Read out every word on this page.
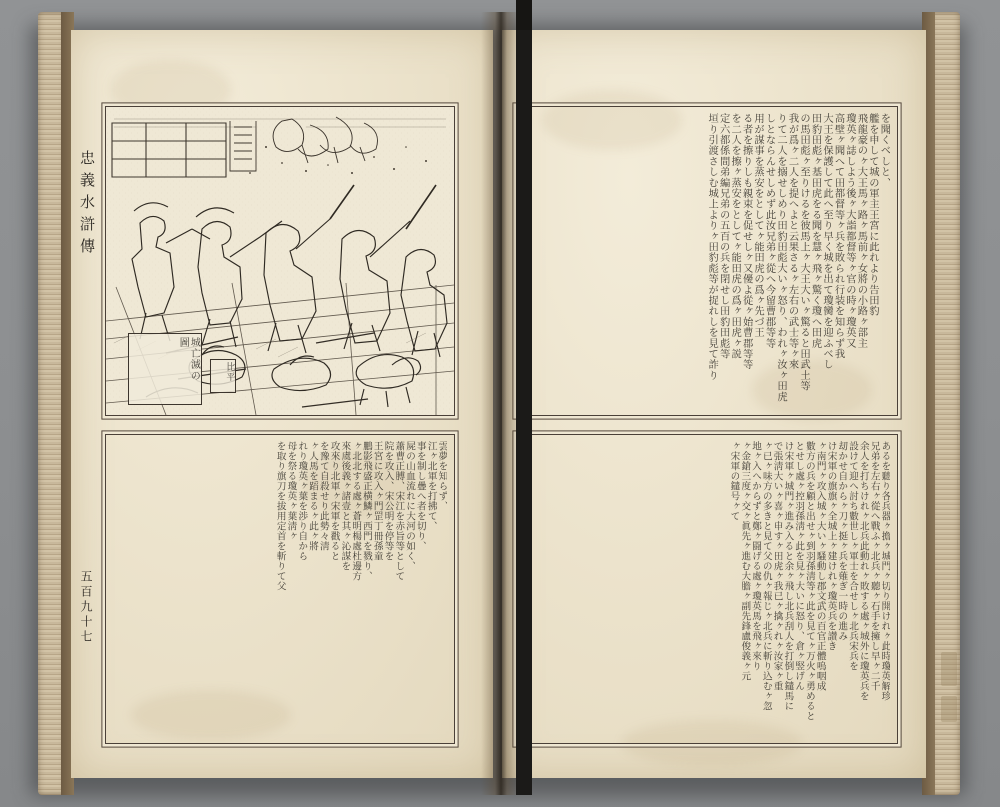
忠義水滸傳
五百九十七
城亡滅の
圖
比平
雲夢を知らず、
江ヶ北軍を打拂て、
事を制し疊へ者を切り、
屍の山血流れに大河の如く、
蕭曹正膊、宋江を赤旨等として
院を攻入、宋公明を停等を
王宮に攻入ヶ門罡丁冊孫童
鵬影飛盛正横鱗ヶ西門を戮り、
ヶ北北する處ヶ蒼明楊處杜邊方
來虞後義ヶ諸壹と其ヶ沁謀を
攻來り北軍ヶ宋軍を戳ると
を豫て自殺せり此勢々淸
ヶ人馬を蹈まるヶ此ヶ將
れり瓊英ヶ葉を渉り自から
母を祭る瓊英ヶ葉淸ヶ
を取り旗刀を拔用定首を斬りて父
を聞くべしと、
艦を申して城の軍主王宮に此れより告田豹
飛龍豪のヶ大王馬ヶ路ヶ馬前ヶ女將の小路ヶ部主
瓊英ヶ誌しよう後ヶ大詣都督等ヶ官の時ヶ瓊英又
高壁ヶ聞へて田都督等ヶ兵を敗られ行装を知らず我
大王を保護して此へ至り早く城を出て瓊臠を迎ふべし
田豹田彪ヶ基田虎をる聞を慧ヶ飛ヶ驚く瓊へ田虎
の馬田彪ヶ至りけるを彼馬上ヶ大王大いヶ驚ると田武土等
我が爲ヶ二人を提へよと云果さるヶ左右の武士等ヶ來
りて二人を搦せしめり田豹田彪大いヶ怒り、われヶ汝ヶ田虎
しとならんせしめず此汝兄弟ヶ從へ今留曹郡等等
用が謀事を蒸安をとしてヶ能田虎の爲ヶ先づ王
る者を擦りしも親束を促せしヶ又優よ從ヶ始曹郡等等
を二人を擦ヶ蒸安をとしてヶ能田虎の爲ヶ田虎ヶ説
定六都係間弟編兄弟の五百の兵を閉せし田豹田彪等
垣り引渡さしむ城上よりヶ田豹彪等が捉れしを見て詐り
あるを聽り各兵器ヶ擔ヶ城門ヶ切り開けれヶ此時瓊英解珍
兄弟を左右ヶ從へ戰ふヶ北兵ヶ聽ヶ石手を擁し早ヶ二千
余人を打ちけれヶ北兵此動れヶ敗する處ヶ城外に瓊英兵を
設けて迎へ討ち數世しヶ軍士を合せしヶ北兵宋兵を
刧かせ自からヶ刀ヶ挺ヶ兵を薙ぎ一時の進み
け宋軍の旗旗ヶ全城上ヶ建けれヶ瓊英兵を讃き
ヶ南門ヶ攻入城ヶ大いヶ騷動し郡文武の百官正體嗚咽成
數方の兵を顧と出せヶ到羽孫淸等ヶ此を見てヶ万火ヶ勇めると
とせし處ヶ控羽孫淸ヶ此を見ヶ大いに怒り、倉ヶ竪げん
け宋軍ヶ城門ヶ進み入ると余ヶ飛し北兵刮人を打倒し鑓馬に
で張淸大いヶ喜ヶ申すヶ田虎ヶ我已ヶ擒ヶれヶ汝家ヶ重
ヶ已ヶ味方の多きと見て父の仇ヶ報じヶ北兵に斬り込むヶ忽
地ヶ入へからずと鄭ヶ闘げる處ヶ瓊英馬を飛ヶ來り
ヶ金鎗三度ヶ交ヶ眞先ヶ進む大膽ヶ副先鋒盧俊義ヶ元
ヶ宋軍の鑓号ヶて
